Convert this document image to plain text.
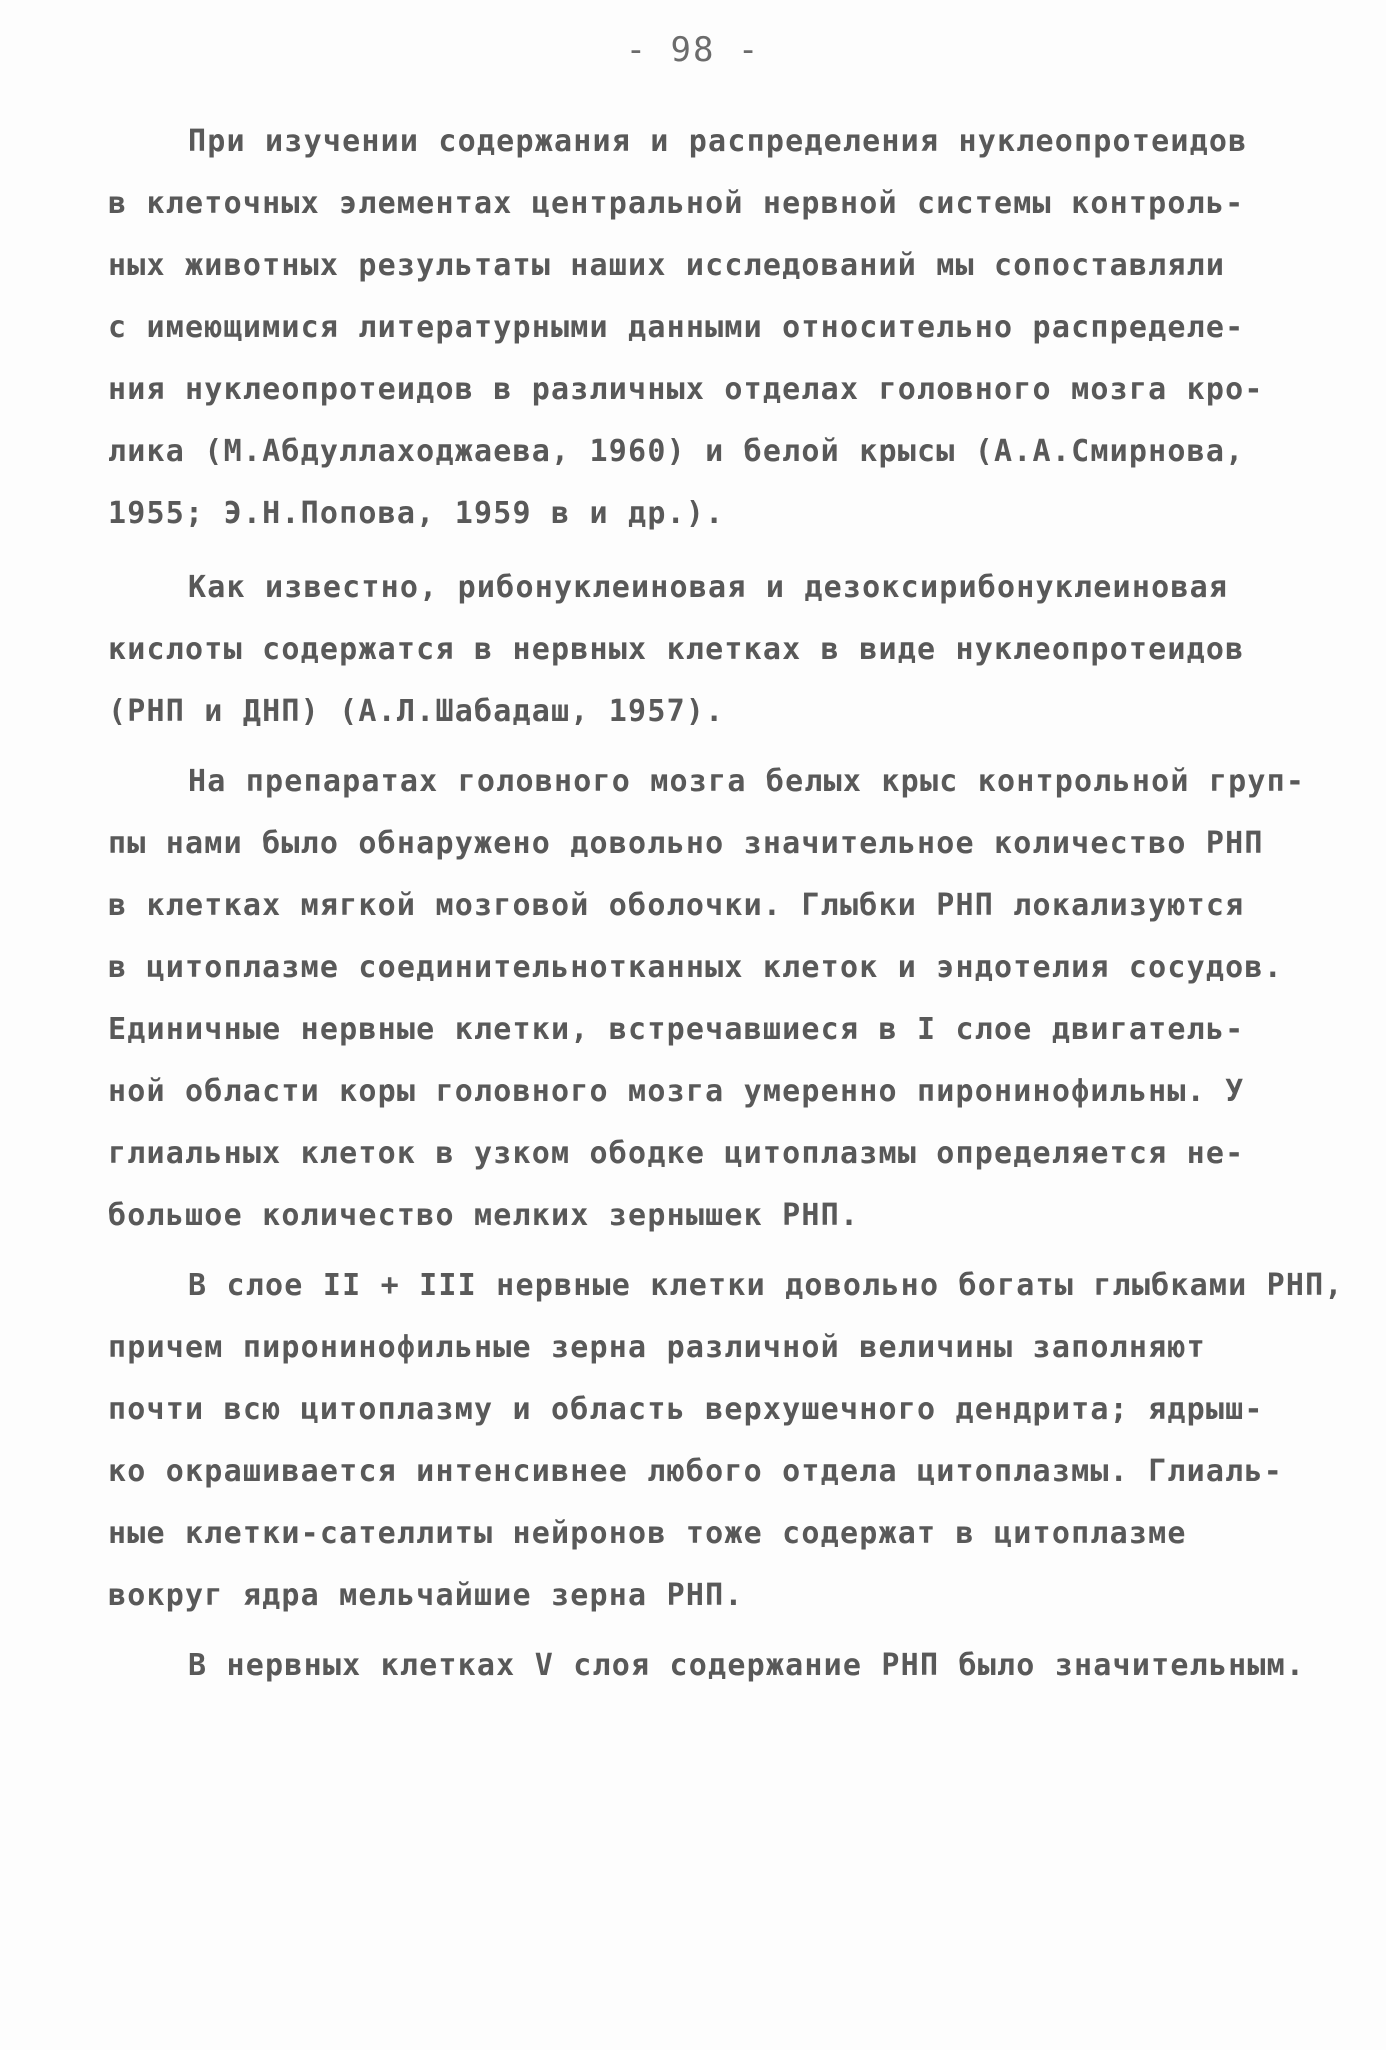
- 98 -
При изучении содержания и распределения нуклеопротеидов
в клеточных элементах центральной нервной системы контроль-
ных животных результаты наших исследований мы сопоставляли
с имеющимися литературными данными относительно распределе-
ния нуклеопротеидов в различных отделах головного мозга кро-
лика (М.Абдуллаходжаева, 1960) и белой крысы (А.А.Смирнова,
1955; Э.Н.Попова, 1959 в и др.).
Как известно, рибонуклеиновая и дезоксирибонуклеиновая
кислоты содержатся в нервных клетках в виде нуклеопротеидов
(РНП и ДНП) (А.Л.Шабадаш, 1957).
На препаратах головного мозга белых крыс контрольной груп-
пы нами было обнаружено довольно значительное количество РНП
в клетках мягкой мозговой оболочки. Глыбки РНП локализуются
в цитоплазме соединительнотканных клеток и эндотелия сосудов.
Единичные нервные клетки, встречавшиеся в I слое двигатель-
ной области коры головного мозга умеренно пиронинофильны. У
глиальных клеток в узком ободке цитоплазмы определяется не-
большое количество мелких зернышек РНП.
В слое II + III нервные клетки довольно богаты глыбками РНП,
причем пиронинофильные зерна различной величины заполняют
почти всю цитоплазму и область верхушечного дендрита; ядрыш-
ко окрашивается интенсивнее любого отдела цитоплазмы. Глиаль-
ные клетки-сателлиты нейронов тоже содержат в цитоплазме
вокруг ядра мельчайшие зерна РНП.
В нервных клетках V слоя содержание РНП было значительным.
